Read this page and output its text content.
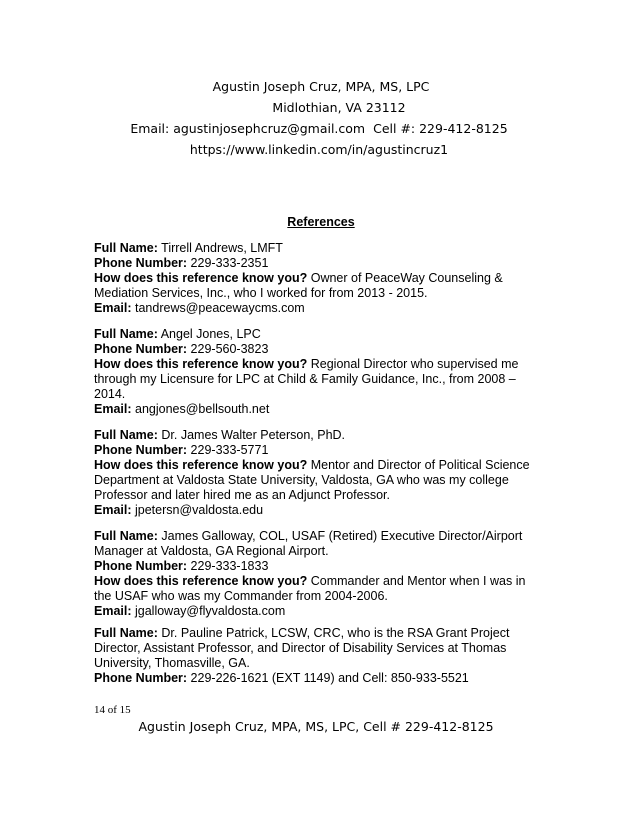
Agustin Joseph Cruz, MPA, MS, LPC
Midlothian, VA 23112
Email: agustinjosephcruz@gmail.com Cell #: 229-412-8125
https://www.linkedin.com/in/agustincruz1
References
Full Name: Tirrell Andrews, LMFT
Phone Number: 229-333-2351
How does this reference know you? Owner of PeaceWay Counseling & Mediation Services, Inc., who I worked for from 2013 - 2015.
Email: tandrews@peacewaycms.com
Full Name: Angel Jones, LPC
Phone Number: 229-560-3823
How does this reference know you? Regional Director who supervised me through my Licensure for LPC at Child & Family Guidance, Inc., from 2008 – 2014.
Email: angjones@bellsouth.net
Full Name: Dr. James Walter Peterson, PhD.
Phone Number: 229-333-5771
How does this reference know you? Mentor and Director of Political Science Department at Valdosta State University, Valdosta, GA who was my college Professor and later hired me as an Adjunct Professor.
Email: jpetersn@valdosta.edu
Full Name: James Galloway, COL, USAF (Retired) Executive Director/Airport Manager at Valdosta, GA Regional Airport.
Phone Number: 229-333-1833
How does this reference know you? Commander and Mentor when I was in the USAF who was my Commander from 2004-2006.
Email: jgalloway@flyvaldosta.com
Full Name: Dr. Pauline Patrick, LCSW, CRC, who is the RSA Grant Project Director, Assistant Professor, and Director of Disability Services at Thomas University, Thomasville, GA.
Phone Number: 229-226-1621 (EXT 1149) and Cell: 850-933-5521
14 of 15
Agustin Joseph Cruz, MPA, MS, LPC, Cell # 229-412-8125
